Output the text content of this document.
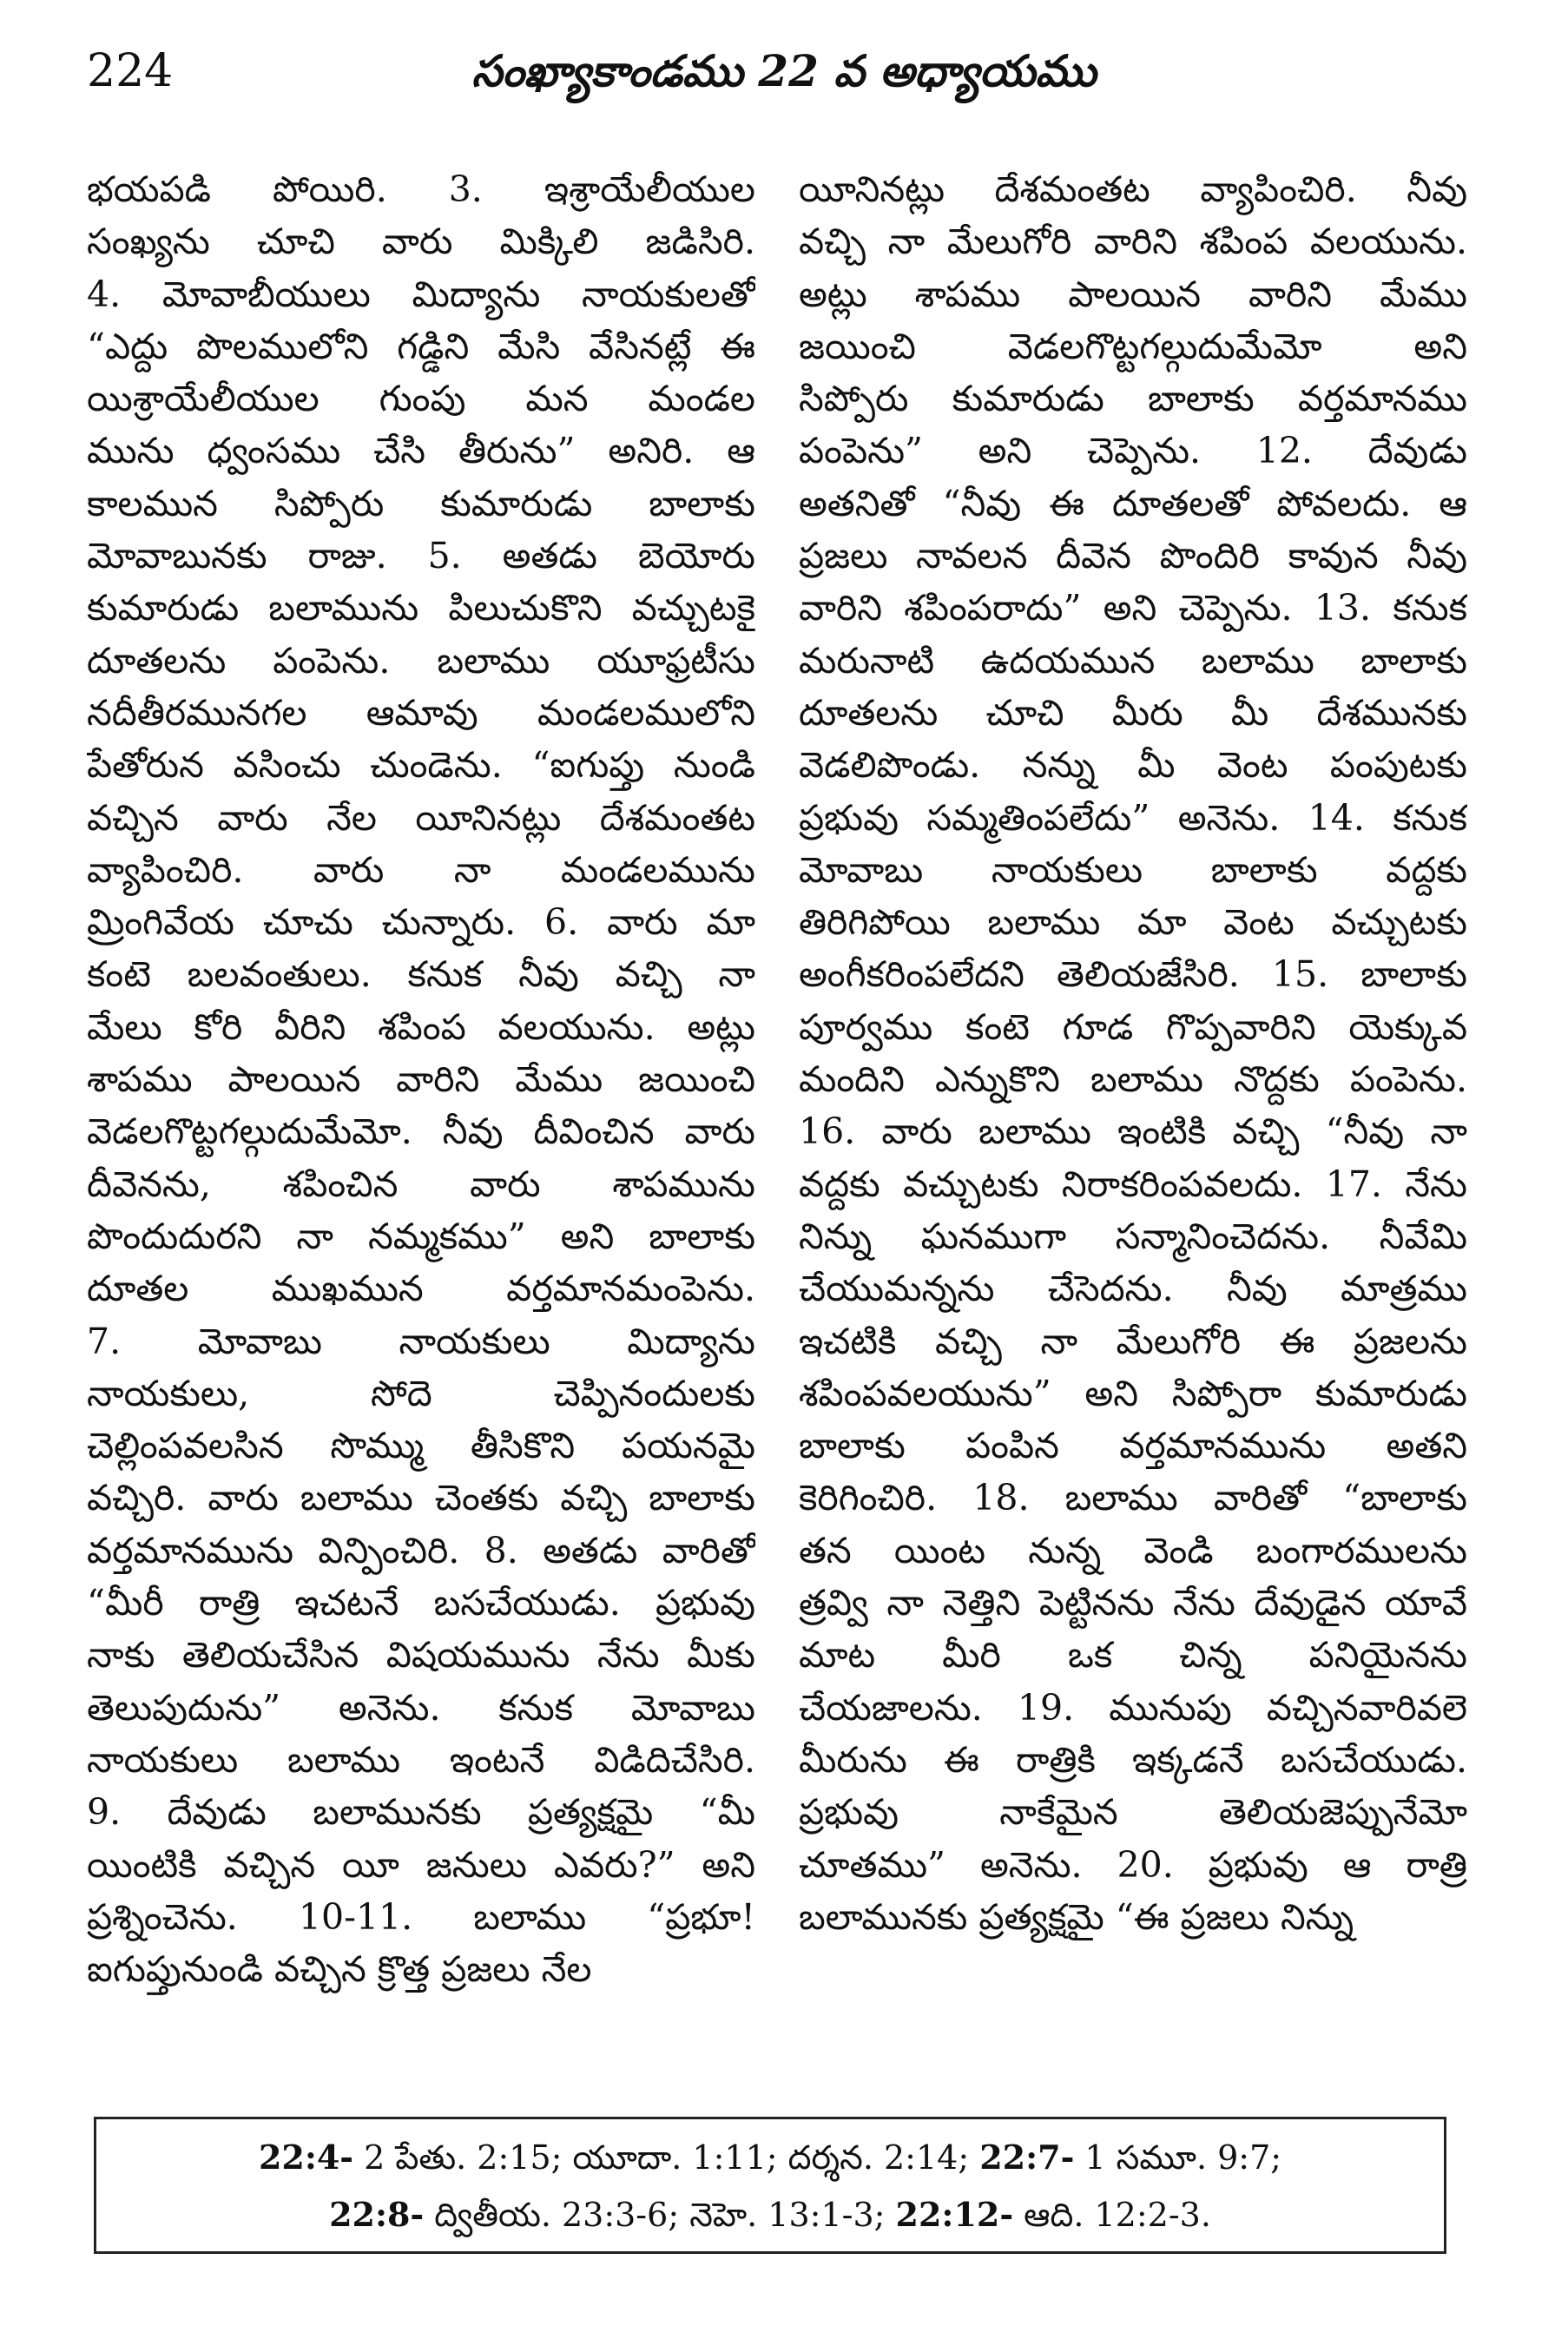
224	సంఖ్యాకాండము 22 వ అధ్యాయము
భయపడి పోయిరి. 3. ఇశ్రాయేలీయుల
సంఖ్యను చూచి వారు మిక్కిలి జడిసిరి.
4. మోవాబీయులు మిద్యాను నాయకులతో
“ఎద్దు పొలములోని గడ్డిని మేసి వేసినట్లే ఈ
యిశ్రాయేలీయుల గుంపు మన మండల
మును ధ్వంసము చేసి తీరును” అనిరి. ఆ
కాలమున సిప్పోరు కుమారుడు బాలాకు
మోవాబునకు రాజు. 5. అతడు బెయోరు
కుమారుడు బలామును పిలుచుకొని వచ్చుటకై
దూతలను పంపెను. బలాము యూఫ్రటీసు
నదీతీరమునగల ఆమావు మండలములోని
పేతోరున వసించు చుండెను. “ఐగుప్తు నుండి
వచ్చిన వారు నేల యీనినట్లు దేశమంతట
వ్యాపించిరి. వారు నా మండలమును
మ్రింగివేయ చూచు చున్నారు. 6. వారు మా
కంటె బలవంతులు. కనుక నీవు వచ్చి నా
మేలు కోరి వీరిని శపింప వలయును. అట్లు
శాపము పాలయిన వారిని మేము జయించి
వెడలగొట్టగల్గుదుమేమో. నీవు దీవించిన వారు
దీవెనను, శపించిన వారు శాపమును
పొందుదురని నా నమ్మకము” అని బాలాకు
దూతల ముఖమున వర్తమానమంపెను.
7. మోవాబు నాయకులు మిద్యాను
నాయకులు, సోదె చెప్పినందులకు
చెల్లింపవలసిన సొమ్ము తీసికొని పయనమై
వచ్చిరి. వారు బలాము చెంతకు వచ్చి బాలాకు
వర్తమానమును విన్పించిరి. 8. అతడు వారితో
“మీరీ రాత్రి ఇచటనే బసచేయుడు. ప్రభువు
నాకు తెలియచేసిన విషయమును నేను మీకు
తెలుపుదును” అనెను. కనుక మోవాబు
నాయకులు బలాము ఇంటనే విడిదిచేసిరి.
9. దేవుడు బలామునకు ప్రత్యక్షమై “మీ
యింటికి వచ్చిన యీ జనులు ఎవరు?” అని
ప్రశ్నించెను. 10-11. బలాము “ప్రభూ!
ఐగుప్తునుండి వచ్చిన క్రొత్త ప్రజలు నేల
యీనినట్లు దేశమంతట వ్యాపించిరి. నీవు
వచ్చి నా మేలుగోరి వారిని శపింప వలయును.
అట్లు శాపము పాలయిన వారిని మేము
జయించి వెడలగొట్టగల్గుదుమేమో అని
సిప్పోరు కుమారుడు బాలాకు వర్తమానము
పంపెను” అని చెప్పెను. 12. దేవుడు
అతనితో “నీవు ఈ దూతలతో పోవలదు. ఆ
ప్రజలు నావలన దీవెన పొందిరి కావున నీవు
వారిని శపింపరాదు” అని చెప్పెను. 13. కనుక
మరునాటి ఉదయమున బలాము బాలాకు
దూతలను చూచి మీరు మీ దేశమునకు
వెడలిపొండు. నన్ను మీ వెంట పంపుటకు
ప్రభువు సమ్మతింపలేదు” అనెను. 14. కనుక
మోవాబు నాయకులు బాలాకు వద్దకు
తిరిగిపోయి బలాము మా వెంట వచ్చుటకు
అంగీకరింపలేదని తెలియజేసిరి. 15. బాలాకు
పూర్వము కంటె గూడ గొప్పవారిని యెక్కువ
మందిని ఎన్నుకొని బలాము నొద్దకు పంపెను.
16. వారు బలాము ఇంటికి వచ్చి “నీవు నా
వద్దకు వచ్చుటకు నిరాకరింపవలదు. 17. నేను
నిన్ను ఘనముగా సన్మానించెదను. నీవేమి
చేయుమన్నను చేసెదను. నీవు మాత్రము
ఇచటికి వచ్చి నా మేలుగోరి ఈ ప్రజలను
శపింపవలయును” అని సిప్పోరా కుమారుడు
బాలాకు పంపిన వర్తమానమును అతని
కెరిగించిరి. 18. బలాము వారితో “బాలాకు
తన యింట నున్న వెండి బంగారములను
త్రవ్వి నా నెత్తిని పెట్టినను నేను దేవుడైన యావే
మాట మీరి ఒక చిన్న పనియైనను
చేయజాలను. 19. మునుపు వచ్చినవారివలె
మీరును ఈ రాత్రికి ఇక్కడనే బసచేయుడు.
ప్రభువు నాకేమైన తెలియజెప్పునేమో
చూతము” అనెను. 20. ప్రభువు ఆ రాత్రి
బలామునకు ప్రత్యక్షమై “ఈ ప్రజలు నిన్ను
22:4- 2 పేతు. 2:15; యూదా. 1:11; దర్శన. 2:14; 22:7- 1 సమూ. 9:7;
22:8- ద్వితీయ. 23:3-6; నెహె. 13:1-3; 22:12- ఆది. 12:2-3.
